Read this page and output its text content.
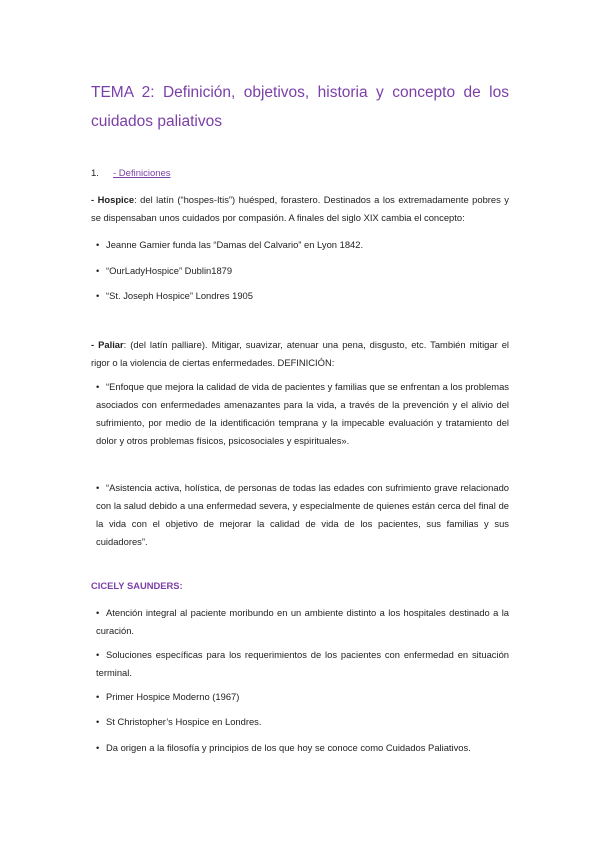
TEMA 2: Definición, objetivos, historia y concepto de los
cuidados paliativos
1. - Definiciones
- Hospice: del latín (“hospes-Itis”) huésped, forastero. Destinados a los extremadamente pobres y se dispensaban unos cuidados por compasión. A finales del siglo XIX cambia el concepto:
• Jeanne Gamier funda las “Damas del Calvario” en Lyon 1842.
• “OurLadyHospice” Dublin1879
• “St. Joseph Hospice” Londres 1905
- Paliar: (del latín palliare). Mitigar, suavizar, atenuar una pena, disgusto, etc. También mitigar el rigor o la violencia de ciertas enfermedades. DEFINICIÓN:
• “Enfoque que mejora la calidad de vida de pacientes y familias que se enfrentan a los problemas asociados con enfermedades amenazantes para la vida, a través de la prevención y el alivio del sufrimiento, por medio de la identificación temprana y la impecable evaluación y tratamiento del dolor y otros problemas físicos, psicosociales y espirituales».
• “Asistencia activa, holística, de personas de todas las edades con sufrimiento grave relacionado con la salud debido a una enfermedad severa, y especialmente de quienes están cerca del final de la vida con el objetivo de mejorar la calidad de vida de los pacientes, sus familias y sus cuidadores”.
CICELY SAUNDERS:
• Atención integral al paciente moribundo en un ambiente distinto a los hospitales destinado a la curación.
• Soluciones específicas para los requerimientos de los pacientes con enfermedad en situación terminal.
• Primer Hospice Moderno (1967)
• St Christopher’s Hospice en Londres.
• Da origen a la filosofía y principios de los que hoy se conoce como Cuidados Paliativos.
